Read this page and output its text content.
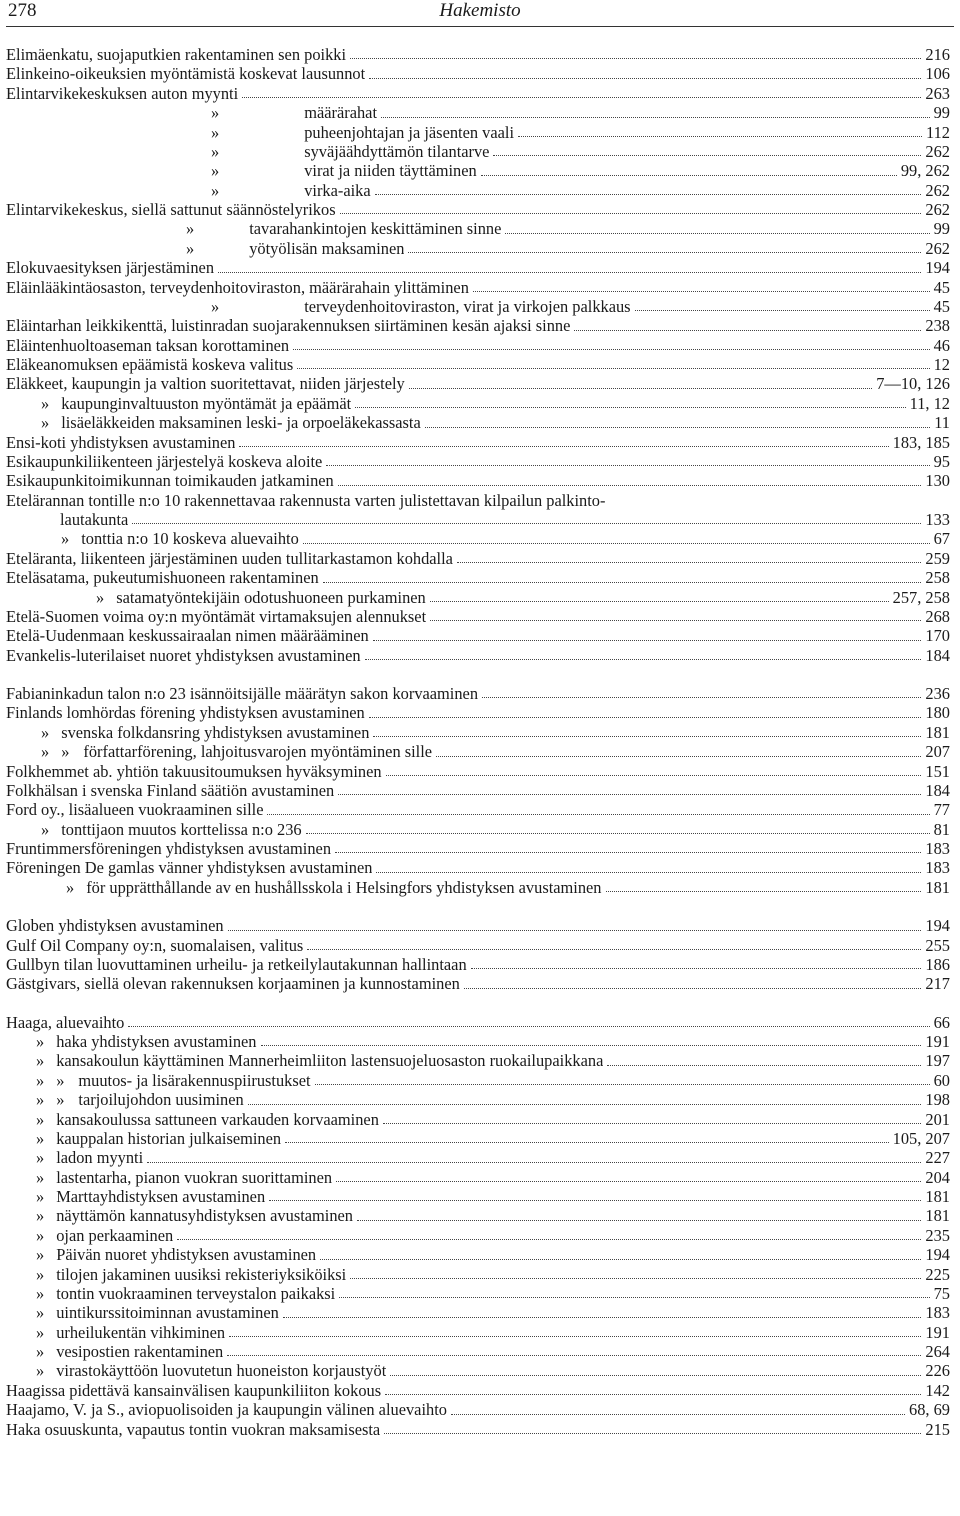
278	Hakemisto
Elimäenkatu, suojaputkien rakentaminen sen poikki	216
Elinkeino-oikeuksien myöntämistä koskevat lausunnot	106
Elintarvikekeskuksen auton myynti	263
»	määrärahat	99
»	puheenjohtajan ja jäsenten vaali	112
»	syväjäähdyttämön tilantarve	262
»	virat ja niiden täyttäminen	99, 262
»	virka-aika	262
Elintarvikekeskus, siellä sattunut säännöstelyrikos	262
»	tavarahankintojen keskittäminen sinne	99
»	yötyölisän maksaminen	262
Elokuvaesityksen järjestäminen	194
Eläinlääkintäosaston, terveydenhoitoviraston, määrärahain ylittäminen	45
»	terveydenhoitoviraston, virat ja virkojen palkkaus	45
Eläintarhan leikkikenttä, luistinradan suojarakennuksen siirtäminen kesän ajaksi sinne	238
Eläintenhuoltoaseman taksan korottaminen	46
Eläkeanomuksen epäämistä koskeva valitus	12
Eläkkeet, kaupungin ja valtion suoritettavat, niiden järjestely	7—10, 126
» kaupunginvaltuuston myöntämät ja epäämät	11, 12
» lisäeläkkeiden maksaminen leski- ja orpoeläkekassasta	11
Ensi-koti yhdistyksen avustaminen	183, 185
Esikaupunkiliikenteen järjestelyä koskeva aloite	95
Esikaupunkitoimikunnan toimikauden jatkaminen	130
Etelärannan tontille n:o 10 rakennettavaa rakennusta varten julistettavan kilpailun palkinto-
lautakunta	133
» tonttia n:o 10 koskeva aluevaihto	67
Eteläranta, liikenteen järjestäminen uuden tullitarkastamon kohdalla	259
Eteläsatama, pukeutumishuoneen rakentaminen	258
» satamatyöntekijäin odotushuoneen purkaminen	257, 258
Etelä-Suomen voima oy:n myöntämät virtamaksujen alennukset	268
Etelä-Uudenmaan keskussairaalan nimen määrääminen	170
Evankelis-luterilaiset nuoret yhdistyksen avustaminen	184
Fabianinkadun talon n:o 23 isännöitsijälle määrätyn sakon korvaaminen	236
Finlands lomhördas förening yhdistyksen avustaminen	180
» svenska folkdansring yhdistyksen avustaminen	181
» » författarförening, lahjoitusvarojen myöntäminen sille	207
Folkhemmet ab. yhtiön takuusitoumuksen hyväksyminen	151
Folkhälsan i svenska Finland säätiön avustaminen	184
Ford oy., lisäalueen vuokraaminen sille	77
» tonttijaon muutos korttelissa n:o 236	81
Fruntimmersföreningen yhdistyksen avustaminen	183
Föreningen De gamlas vänner yhdistyksen avustaminen	183
» för upprätthållande av en hushållsskola i Helsingfors yhdistyksen avustaminen	181
Globen yhdistyksen avustaminen	194
Gulf Oil Company oy:n, suomalaisen, valitus	255
Gullbyn tilan luovuttaminen urheilu- ja retkeilylautakunnan hallintaan	186
Gästgivars, siellä olevan rakennuksen korjaaminen ja kunnostaminen	217
Haaga, aluevaihto	66
» haka yhdistyksen avustaminen	191
» kansakoulun käyttäminen Mannerheimliiton lastensuojeluosaston ruokailupaikkana	197
» » muutos- ja lisärakennuspiirustukset	60
» » tarjoilujohdon uusiminen	198
» kansakoulussa sattuneen varkauden korvaaminen	201
» kauppalan historian julkaiseminen	105, 207
» ladon myynti	227
» lastentarha, pianon vuokran suorittaminen	204
» Marttayhdistyksen avustaminen	181
» näyttämön kannatusyhdistyksen avustaminen	181
» ojan perkaaminen	235
» Päivän nuoret yhdistyksen avustaminen	194
» tilojen jakaminen uusiksi rekisteriyksiköiksi	225
» tontin vuokraaminen terveystalon paikaksi	75
» uintikurssitoiminnan avustaminen	183
» urheilukentän vihkiminen	191
» vesipostien rakentaminen	264
» virastokäyttöön luovutetun huoneiston korjaustyöt	226
Haagissa pidettävä kansainvälisen kaupunkiliiton kokous	142
Haajamo, V. ja S., aviopuolisoiden ja kaupungin välinen aluevaihto	68, 69
Haka osuuskunta, vapautus tontin vuokran maksamisesta	215
